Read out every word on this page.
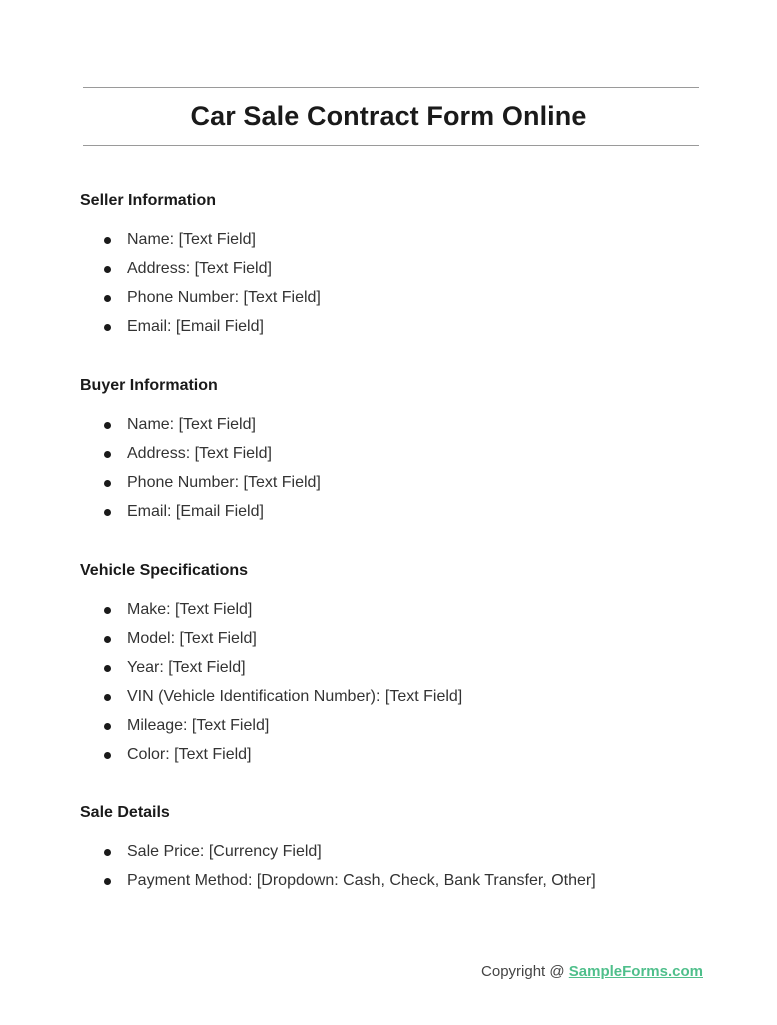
Car Sale Contract Form Online
Seller Information
Name: [Text Field]
Address: [Text Field]
Phone Number: [Text Field]
Email: [Email Field]
Buyer Information
Name: [Text Field]
Address: [Text Field]
Phone Number: [Text Field]
Email: [Email Field]
Vehicle Specifications
Make: [Text Field]
Model: [Text Field]
Year: [Text Field]
VIN (Vehicle Identification Number): [Text Field]
Mileage: [Text Field]
Color: [Text Field]
Sale Details
Sale Price: [Currency Field]
Payment Method: [Dropdown: Cash, Check, Bank Transfer, Other]
Copyright @ SampleForms.com
